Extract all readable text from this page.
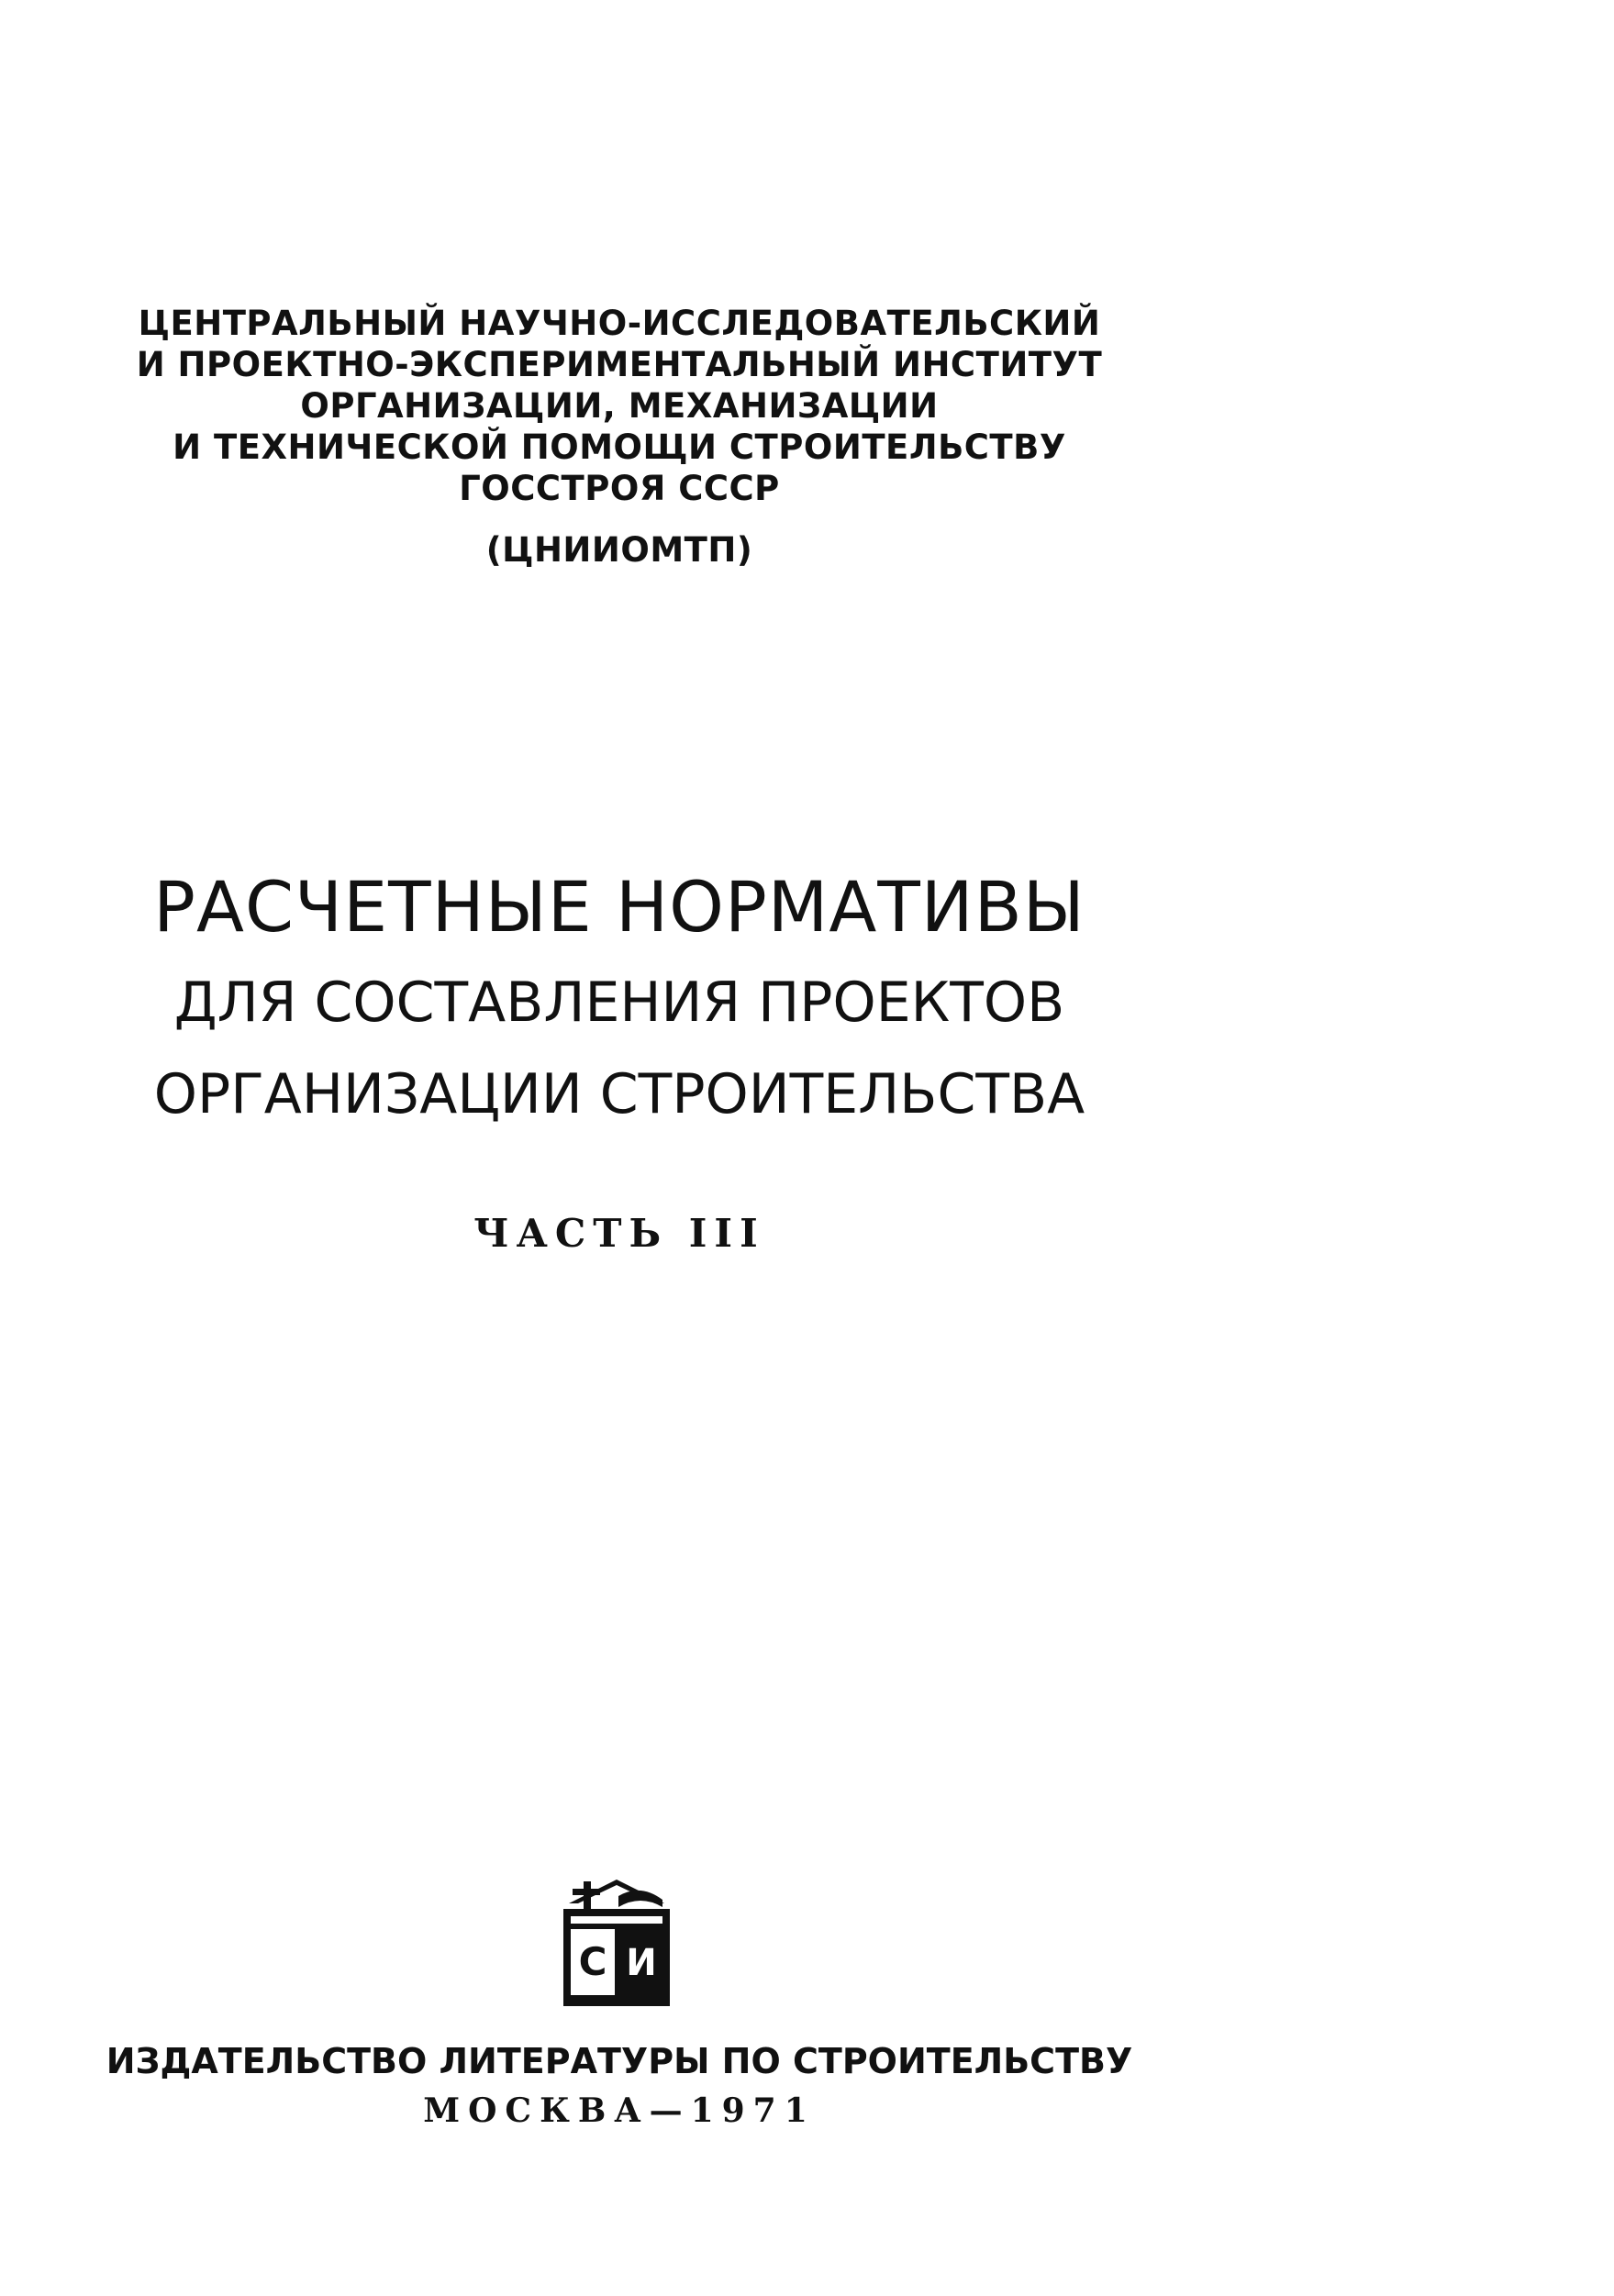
ЦЕНТРАЛЬНЫЙ НАУЧНО-ИССЛЕДОВАТЕЛЬСКИЙ
И ПРОЕКТНО-ЭКСПЕРИМЕНТАЛЬНЫЙ ИНСТИТУТ
ОРГАНИЗАЦИИ, МЕХАНИЗАЦИИ
И ТЕХНИЧЕСКОЙ ПОМОЩИ СТРОИТЕЛЬСТВУ
ГОССТРОЯ СССР
(ЦНИИОМТП)
РАСЧЕТНЫЕ НОРМАТИВЫ
ДЛЯ СОСТАВЛЕНИЯ ПРОЕКТОВ
ОРГАНИЗАЦИИ СТРОИТЕЛЬСТВА
ЧАСТЬ III
С И
ИЗДАТЕЛЬСТВО ЛИТЕРАТУРЫ ПО СТРОИТЕЛЬСТВУ
МОСКВА—1971
